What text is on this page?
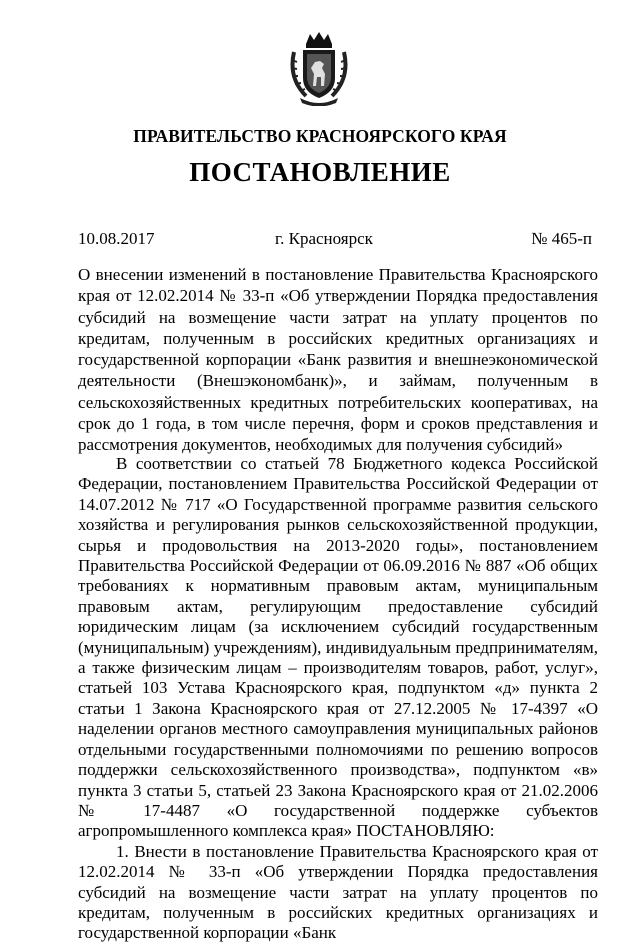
ПРАВИТЕЛЬСТВО КРАСНОЯРСКОГО КРАЯ
ПОСТАНОВЛЕНИЕ
10.08.2017	г. Красноярск	№ 465-п
О внесении изменений в постановление Правительства Красноярского края от 12.02.2014 № 33-п «Об утверждении Порядка предоставления субсидий на возмещение части затрат на уплату процентов по кредитам, полученным в российских кредитных организациях и государственной корпорации «Банк развития и внешнеэкономической деятельности (Внешэкономбанк)», и займам, полученным в сельскохозяйственных кредитных потребительских кооперативах, на срок до 1 года, в том числе перечня, форм и сроков представления и рассмотрения документов, необходимых для получения субсидий»

В соответствии со статьей 78 Бюджетного кодекса Российской Федерации, постановлением Правительства Российской Федерации от 14.07.2012 № 717 «О Государственной программе развития сельского хозяйства и регулирования рынков сельскохозяйственной продукции, сырья и продовольствия на 2013-2020 годы», постановлением Правительства Российской Федерации от 06.09.2016 № 887 «Об общих требованиях к нормативным правовым актам, муниципальным правовым актам, регулирующим предоставление субсидий юридическим лицам (за исключением субсидий государственным (муниципальным) учреждениям), индивидуальным предпринимателям, а также физическим лицам – производителям товаров, работ, услуг», статьей 103 Устава Красноярского края, подпунктом «д» пункта 2 статьи 1 Закона Красноярского края от 27.12.2005 № 17-4397 «О наделении органов местного самоуправления муниципальных районов отдельными государственными полномочиями по решению вопросов поддержки сельскохозяйственного производства», подпунктом «в» пункта 3 статьи 5, статьей 23 Закона Красноярского края от 21.02.2006 № 17-4487 «О государственной поддержке субъектов агропромышленного комплекса края» ПОСТАНОВЛЯЮ:

1. Внести в постановление Правительства Красноярского края от 12.02.2014 № 33-п «Об утверждении Порядка предоставления субсидий на возмещение части затрат на уплату процентов по кредитам, полученным в российских кредитных организациях и государственной корпорации «Банк
